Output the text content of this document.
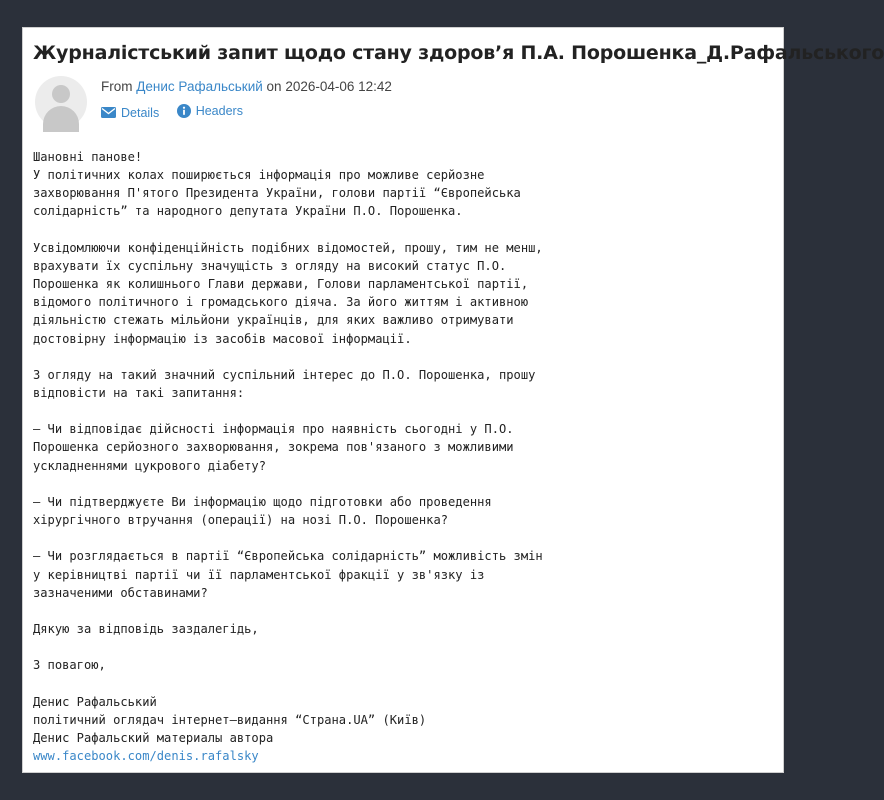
Журналістський запит щодо стану здоров’я П.А. Порошенка_Д.Рафальського
From Денис Рафальський on 2026-04-06 12:42
Details
	Headers
Шановні панове!
У політичних колах поширюється інформація про можливе серйозне
захворювання П'ятого Президента України, голови партії “Європейська
солідарність” та народного депутата України П.О. Порошенка.
Усвідомлюючи конфіденційність подібних відомостей, прошу, тим не менш,
врахувати їх суспільну значущість з огляду на високий статус П.О.
Порошенка як колишнього Глави держави, Голови парламентської партії,
відомого політичного і громадського діяча. За його життям і активною
діяльністю стежать мільйони українців, для яких важливо отримувати
достовірну інформацію із засобів масової інформації.
З огляду на такий значний суспільний інтерес до П.О. Порошенка, прошу
відповісти на такі запитання:
– Чи відповідає дійсності інформація про наявність сьогодні у П.О.
Порошенка серйозного захворювання, зокрема пов'язаного з можливими
ускладненнями цукрового діабету?
– Чи підтверджуєте Ви інформацію щодо підготовки або проведення
хірургічного втручання (операції) на нозі П.О. Порошенка?
– Чи розглядається в партії “Європейська солідарність” можливість змін
у керівництві партії чи її парламентської фракції у зв'язку із
зазначеними обставинами?
Дякую за відповідь заздалегідь,
З повагою,
Денис Рафальський
політичний оглядач інтернет–видання “Страна.UA” (Київ)
Денис Рафальский материалы автора
www.facebook.com/denis.rafalsky
